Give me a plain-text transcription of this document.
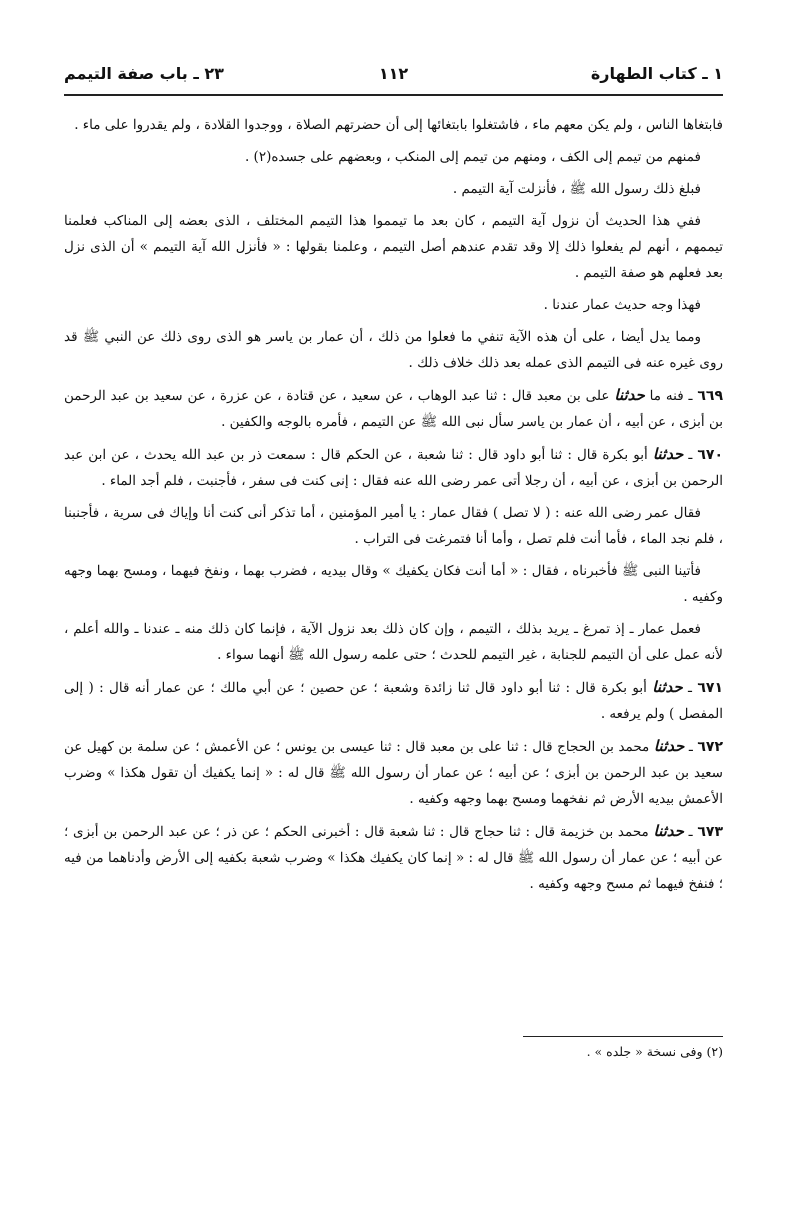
١ ـ كتاب الطهارة
١١٢
٢٣ ـ باب صفة التيمم

فابتغاها الناس ، ولم يكن معهم ماء ، فاشتغلوا بابتغائها إلى أن حضرتهم الصلاة ، ووجدوا القلادة ، ولم يقدروا على ماء .

فمنهم من تيمم إلى الكف ، ومنهم من تيمم إلى المنكب ، وبعضهم على جسده(٢) .

فبلغ ذلك رسول الله ﷺ ، فأنزلت آية التيمم .

ففي هذا الحديث أن نزول آية التيمم ، كان بعد ما تيمموا هذا التيمم المختلف ، الذى بعضه إلى المناكب فعلمنا تيممهم ، أنهم لم يفعلوا ذلك إلا وقد تقدم عندهم أصل التيمم ، وعلمنا بقولها : « فأنزل الله آية التيمم » أن الذى نزل بعد فعلهم هو صفة التيمم .

فهذا وجه حديث عمار عندنا .

ومما يدل أيضا ، على أن هذه الآية تنفي ما فعلوا من ذلك ، أن عمار بن ياسر هو الذى روى ذلك عن النبي ﷺ قد روى غيره عنه فى التيمم الذى عمله بعد ذلك خلاف ذلك .

٦٦٩ ـ فنه ما حدثنا على بن معبد قال : ثنا عبد الوهاب ، عن سعيد ، عن قتادة ، عن عزرة ، عن سعيد بن عبد الرحمن بن أبزى ، عن أبيه ، أن عمار بن ياسر سأل نبى الله ﷺ عن التيمم ، فأمره بالوجه والكفين .

٦٧٠ ـ حدثنا أبو بكرة قال : ثنا أبو داود قال : ثنا شعبة ، عن الحكم قال : سمعت ذر بن عبد الله يحدث ، عن ابن عبد الرحمن بن أبزى ، عن أبيه ، أن رجلا أتى عمر رضى الله عنه فقال : إنى كنت فى سفر ، فأجنبت ، فلم أجد الماء .

فقال عمر رضى الله عنه : ( لا تصل ) فقال عمار : يا أمير المؤمنين ، أما تذكر أنى كنت أنا وإياك فى سرية ، فأجنبنا ، فلم نجد الماء ، فأما أنت فلم تصل ، وأما أنا فتمرغت فى التراب .

فأتينا النبى ﷺ فأخبرناه ، فقال : « أما أنت فكان يكفيك » وقال بيديه ، فضرب بهما ، ونفخ فيهما ، ومسح بهما وجهه وكفيه .

فعمل عمار ـ إذ تمرغ ـ يريد بذلك ، التيمم ، وإن كان ذلك بعد نزول الآية ، فإنما كان ذلك منه ـ عندنا ـ والله أعلم ، لأنه عمل على أن التيمم للجنابة ، غير التيمم للحدث ؛ حتى علمه رسول الله ﷺ أنهما سواء .

٦٧١ ـ حدثنا أبو بكرة قال : ثنا أبو داود قال ثنا زائدة وشعبة ؛ عن حصين ؛ عن أبي مالك ؛ عن عمار أنه قال : ( إلى المفصل ) ولم يرفعه .

٦٧٢ ـ حدثنا محمد بن الحجاج قال : ثنا على بن معبد قال : ثنا عيسى بن يونس ؛ عن الأعمش ؛ عن سلمة بن كهيل عن سعيد بن عبد الرحمن بن أبزى ؛ عن أبيه ؛ عن عمار أن رسول الله ﷺ قال له : « إنما يكفيك أن تقول هكذا » وضرب الأعمش بيديه الأرض ثم نفخهما ومسح بهما وجهه وكفيه .

٦٧٣ ـ حدثنا محمد بن خزيمة قال : ثنا حجاج قال : ثنا شعبة قال : أخبرنى الحكم ؛ عن ذر ؛ عن عبد الرحمن بن أبزى ؛ عن أبيه ؛ عن عمار أن رسول الله ﷺ قال له : « إنما كان يكفيك هكذا » وضرب شعبة بكفيه إلى الأرض وأدناهما من فيه ؛ فنفخ فيهما ثم مسح وجهه وكفيه .

(٢) وفى نسخة « جلده » .
